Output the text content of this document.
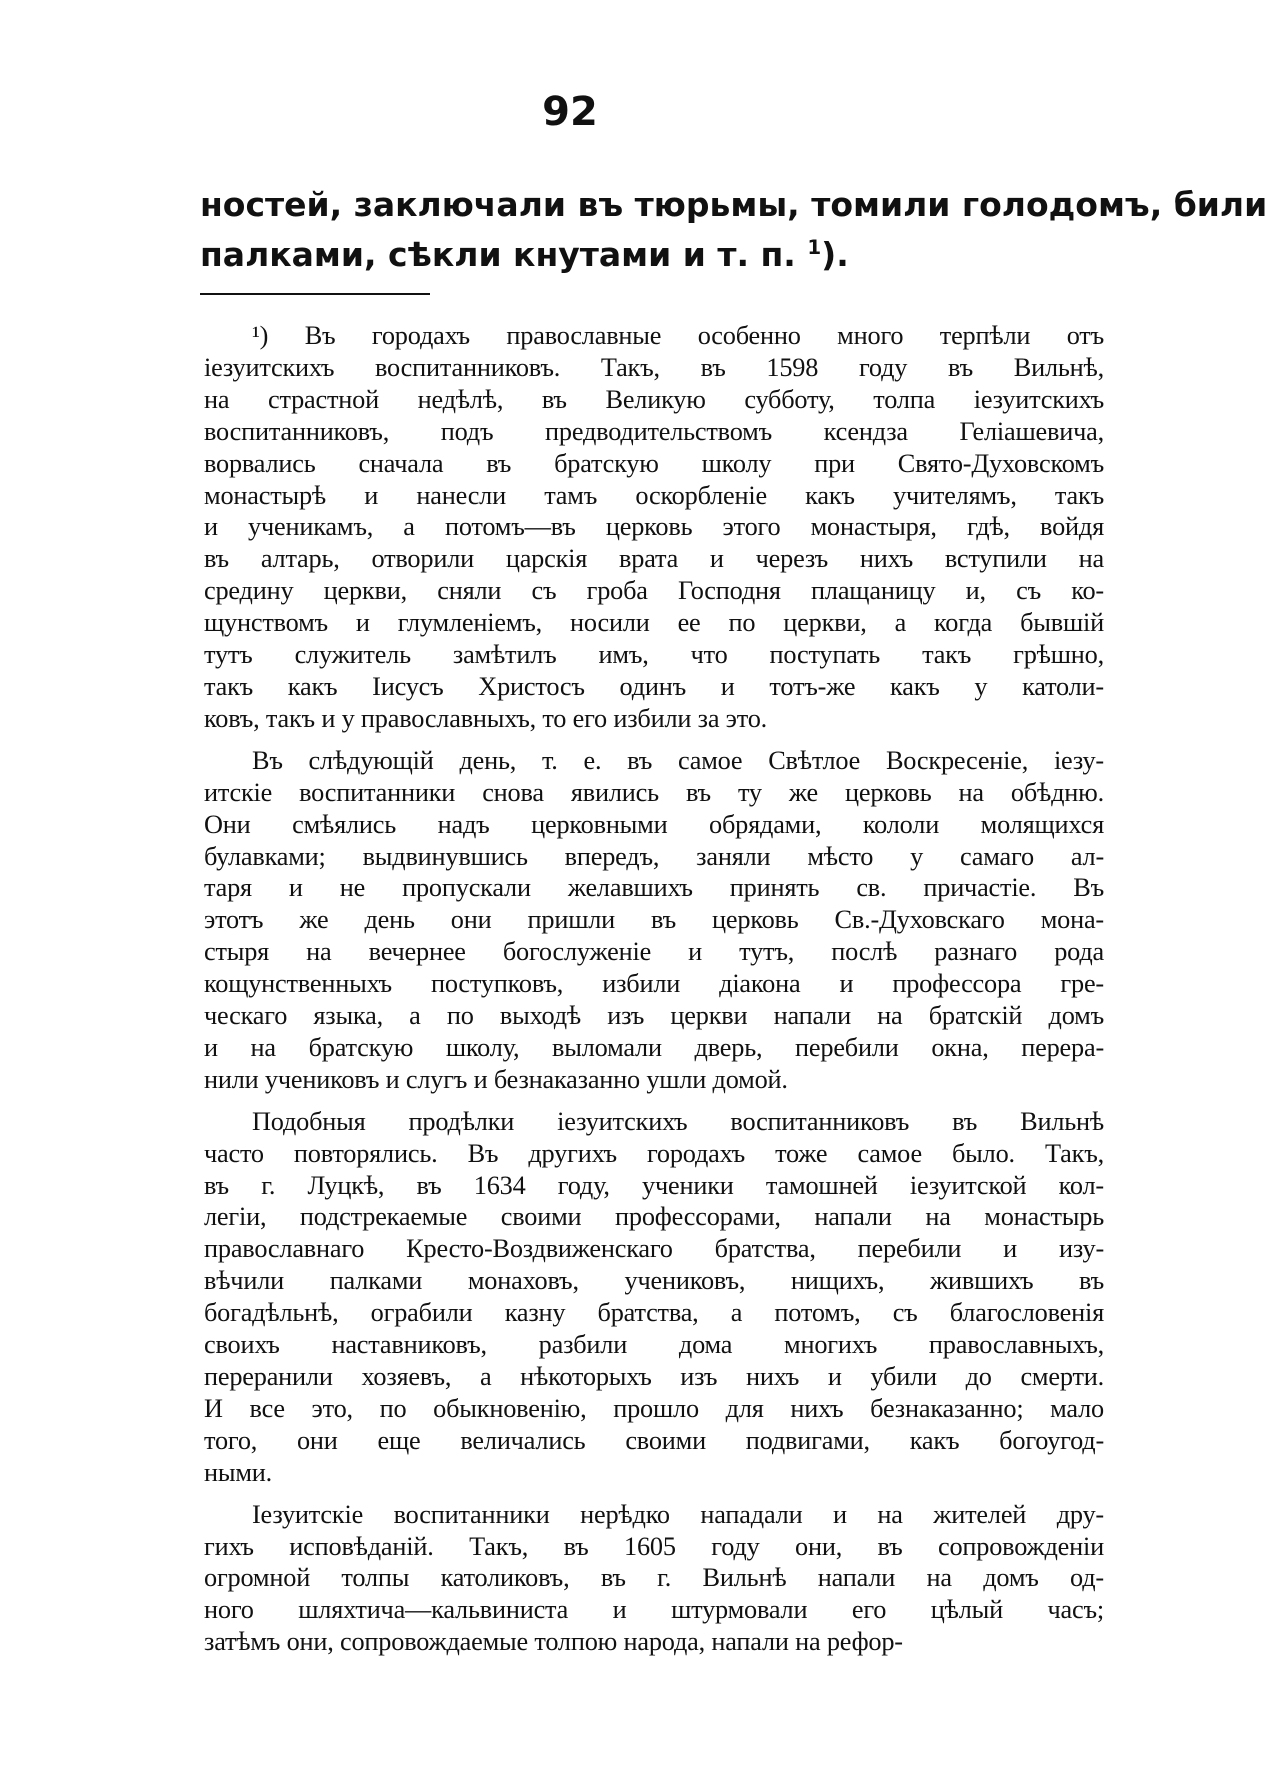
92
ностей, заключали въ тюрьмы, томили голодомъ, били
палками, сѣкли кнутами и т. п. $^1$).
¹) Въ городахъ православные особенно много терпѣли отъ
iезуитскихъ воспитанниковъ. Такъ, въ 1598 году въ Вильнѣ,
на страстной недѣлѣ, въ Великую субботу, толпа iезуитскихъ
воспитанниковъ, подъ предводительствомъ ксендза Геліашевича,
ворвались сначала въ братскую школу при Свято-Духовскомъ
монастырѣ и нанесли тамъ оскорбленіе какъ учителямъ, такъ
и ученикамъ, а потомъ—въ церковь этого монастыря, гдѣ, войдя
въ алтарь, отворили царскія врата и черезъ нихъ вступили на
средину церкви, сняли съ гроба Господня плащаницу и, съ ко-
щунствомъ и глумленіемъ, носили ее по церкви, а когда бывшій
тутъ служитель замѣтилъ имъ, что поступать такъ грѣшно,
такъ какъ Iисусъ Христосъ одинъ и тотъ-же какъ у католи-
ковъ, такъ и у православныхъ, то его избили за это.
Въ слѣдующій день, т. е. въ самое Свѣтлое Воскресеніе, iезу-
итскіе воспитанники снова явились въ ту же церковь на обѣдню.
Они смѣялись надъ церковными обрядами, кололи молящихся
булавками; выдвинувшись впередъ, заняли мѣсто у самаго ал-
таря и не пропускали желавшихъ принять св. причастіе. Въ
этотъ же день они пришли въ церковь Св.-Духовскаго мона-
стыря на вечернее богослуженіе и тутъ, послѣ разнаго рода
кощунственныхъ поступковъ, избили діакона и профессора гре-
ческаго языка, а по выходѣ изъ церкви напали на братскій домъ
и на братскую школу, выломали дверь, перебили окна, перера-
нили учениковъ и слугъ и безнаказанно ушли домой.
Подобныя продѣлки iезуитскихъ воспитанниковъ въ Вильнѣ
часто повторялись. Въ другихъ городахъ тоже самое было. Такъ,
въ г. Луцкѣ, въ 1634 году, ученики тамошней iезуитской кол-
легіи, подстрекаемые своими профессорами, напали на монастырь
православнаго Кресто-Воздвиженскаго братства, перебили и изу-
вѣчили палками монаховъ, учениковъ, нищихъ, жившихъ въ
богадѣльнѣ, ограбили казну братства, а потомъ, съ благословенія
своихъ наставниковъ, разбили дома многихъ православныхъ,
переранили хозяевъ, а нѣкоторыхъ изъ нихъ и убили до смерти.
И все это, по обыкновенію, прошло для нихъ безнаказанно; мало
того, они еще величались своими подвигами, какъ богоугод-
ными.
Iезуитскіе воспитанники нерѣдко нападали и на жителей дру-
гихъ исповѣданій. Такъ, въ 1605 году они, въ сопровожденіи
огромной толпы католиковъ, въ г. Вильнѣ напали на домъ од-
ного шляхтича—кальвиниста и штурмовали его цѣлый часъ;
затѣмъ они, сопровождаемые толпою народа, напали на рефор-
